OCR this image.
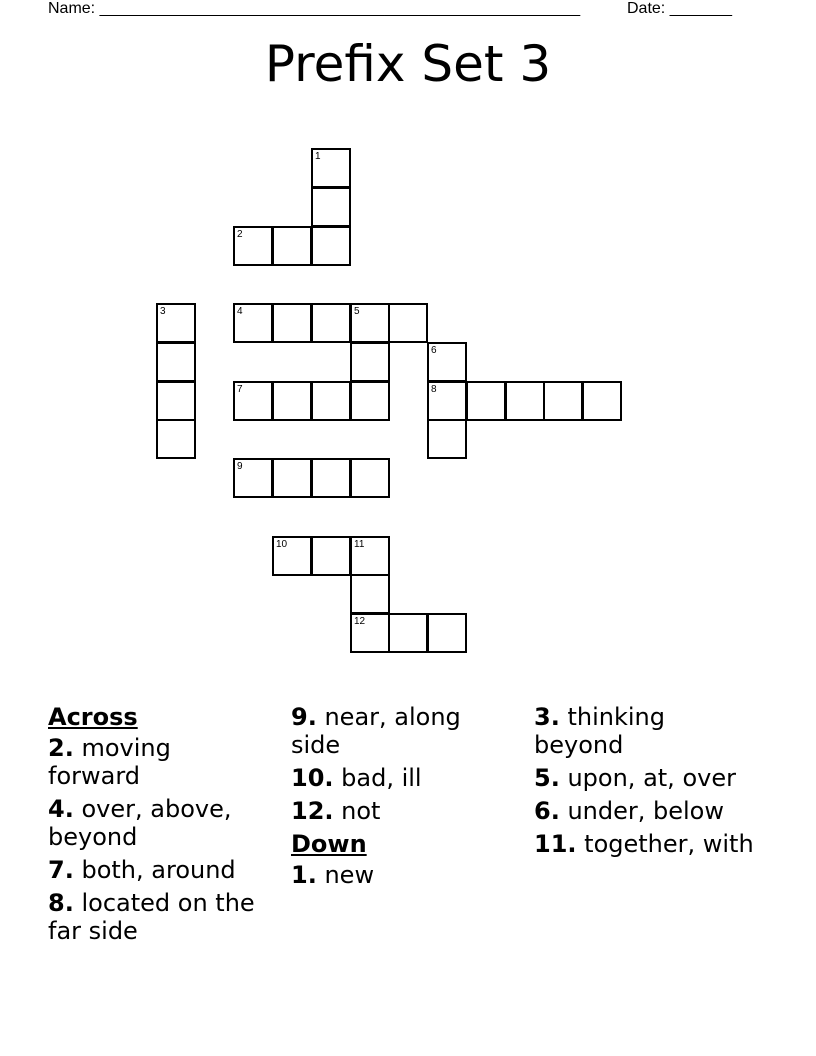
Name: ______________________________________________________	Date: _______
Prefix Set 3
1
2
3	4	5
6
7	8
9
10	11
12
Across
2. moving forward
4. over, above, beyond
7. both, around
8. located on the far side
9. near, along side
10. bad, ill
12. not
Down
1. new
3. thinking beyond
5. upon, at, over
6. under, below
11. together, with
